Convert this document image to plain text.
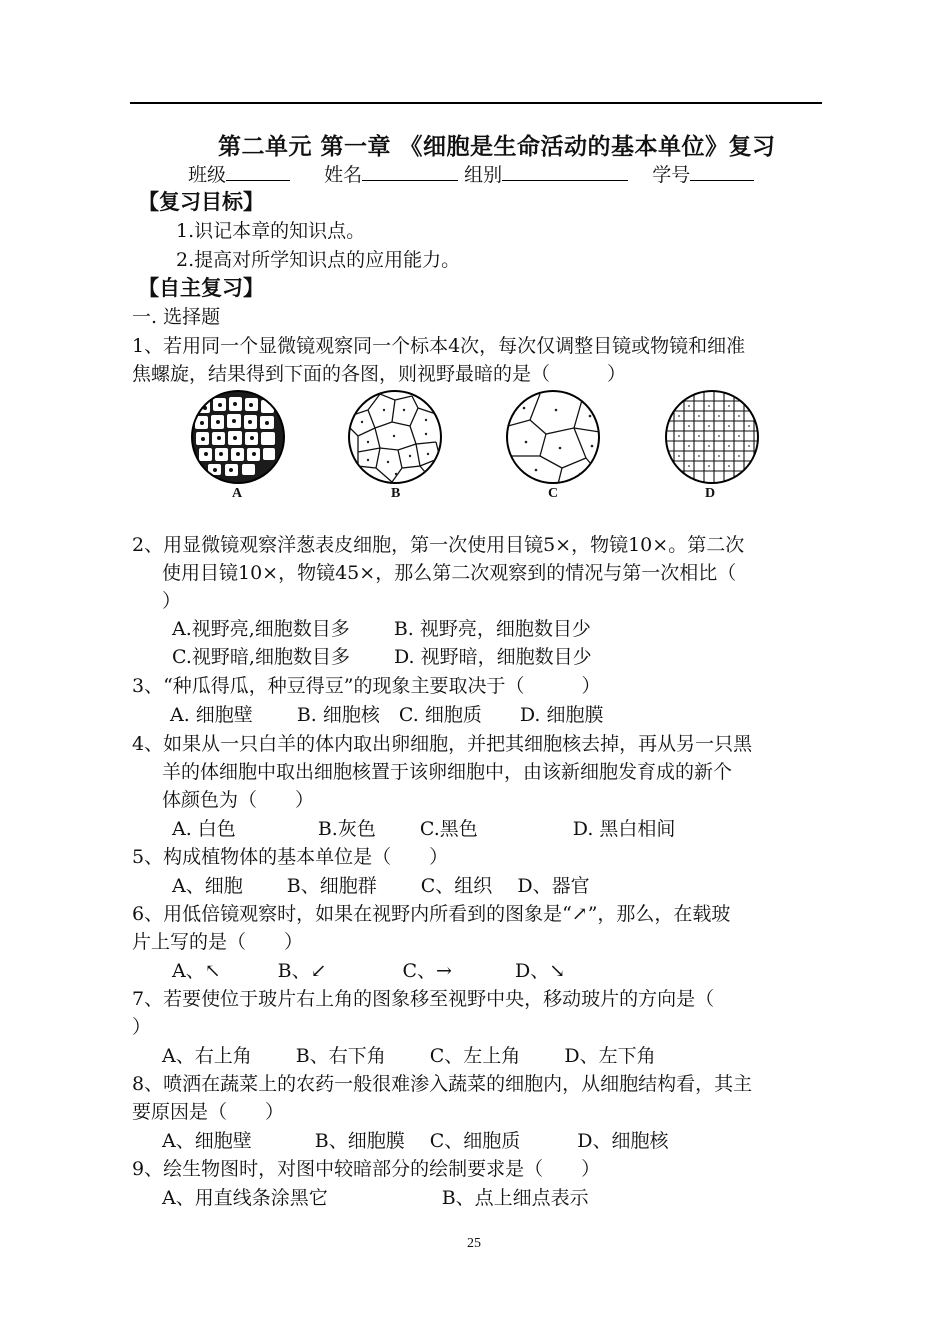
第二单元 第一章 《细胞是生命活动的基本单位》复习
班级	姓名	组别	学号
【复习目标】
1.识记本章的知识点。
2.提高对所学知识点的应用能力。
【自主复习】
一. 选择题
1、若用同一个显微镜观察同一个标本4次，每次仅调整目镜或物镜和细准
焦螺旋，结果得到下面的各图，则视野最暗的是（　　　）
A	B	C	D
2、用显微镜观察洋葱表皮细胞，第一次使用目镜5×，物镜10×。第二次
使用目镜10×，物镜45×，那么第二次观察到的情况与第一次相比（
）
A.视野亮,细胞数目多　　 B. 视野亮，细胞数目少
C.视野暗,细胞数目多　　 D. 视野暗，细胞数目少
3、“种瓜得瓜，种豆得豆”的现象主要取决于（　　　）
A. 细胞壁　　 B. 细胞核　C. 细胞质　　D. 细胞膜
4、如果从一只白羊的体内取出卵细胞，并把其细胞核去掉，再从另一只黑
羊的体细胞中取出细胞核置于该卵细胞中，由该新细胞发育成的新个
体颜色为（　　）
A. 白色　　　　 B.灰色　　 C.黑色　　　　　D. 黑白相间
5、构成植物体的基本单位是（　　）
A、细胞　　 B、细胞群　　 C、组织　 D、器官
6、用低倍镜观察时，如果在视野内所看到的图象是“↗”，那么，在载玻
片上写的是（　　）
A、↖　　　B、↙　　　　C、→　　　 D、↘
7、若要使位于玻片右上角的图象移至视野中央，移动玻片的方向是（
）
A、右上角　　 B、右下角　　 C、左上角　　 D、左下角
8、喷洒在蔬菜上的农药一般很难渗入蔬菜的细胞内，从细胞结构看，其主
要原因是（　　）
A、细胞壁　　　 B、细胞膜　 C、细胞质　　　D、细胞核
9、绘生物图时，对图中较暗部分的绘制要求是（　　）
A、用直线条涂黑它　　　　　　B、点上细点表示
25
